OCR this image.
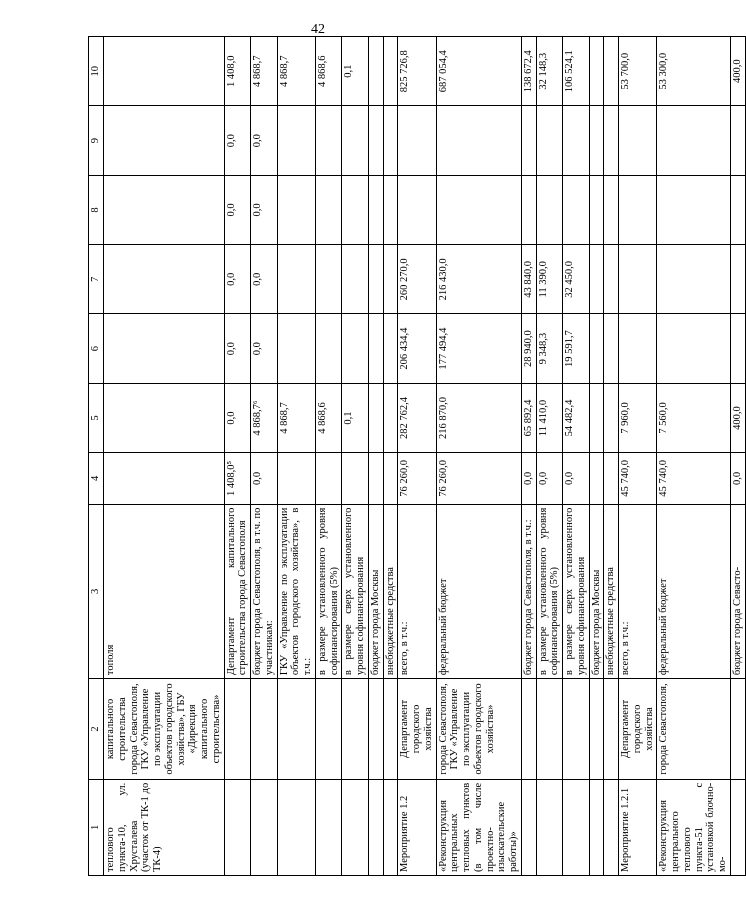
42
1	2	3	4	5	6	7	8	9	10
теплового пункта-10, ул. Хрусталева (участок от ТК-1 до ТК-4)	капитального строительства города Севастополя, ГКУ «Управление по эксплуатации объектов городского хозяйства», ГБУ «Дирекция капитального строительства»	тополя							
		Департамент капитального строительства города Севастополя	1 408,0⁵	0,0	0,0	0,0	0,0	0,0	1 408,0
		бюджет города Севастополя, в т.ч. по участникам:	0,0	4 868,7⁶	0,0	0,0	0,0	0,0	4 868,7
		ГКУ «Управление по эксплуатации объектов городского хозяйства», в т.ч.:		4 868,7					4 868,7
		в размере установленного уровня софинансирования (5%)		4 868,6					4 868,6
		в размере сверх установленного уровня софинансирования		0,1					0,1
		бюджет города Москвы							
		внебюджетные средства							
Мероприятие 1.2	Департамент городского хозяйства	всего, в т.ч.:	76 260,0	282 762,4	206 434,4	260 270,0			825 726,8
«Реконструкция центральных тепловых пунктов (в том числе проектно-изыскательские работы)»	города Севастополя, ГКУ «Управление по эксплуатации объектов городского хозяйства»	федеральный бюджет	76 260,0	216 870,0	177 494,4	216 430,0			687 054,4
		бюджет города Севастополя, в т.ч.:	0,0	65 892,4	28 940,0	43 840,0			138 672,4
		в размере установленного уровня софинансирования (5%)	0,0	11 410,0	9 348,3	11 390,0			32 148,3
		в размере сверх установленного уровня софинансирования	0,0	54 482,4	19 591,7	32 450,0			106 524,1
		бюджет города Москвы							
		внебюджетные средства							
Мероприятие 1.2.1	Департамент городского хозяйства	всего, в т.ч.:	45 740,0	7 960,0					53 700,0
«Реконструкция центрального теплового пункта-51 с установкой блочно-мо-	города Севастополя,	федеральный бюджет	45 740,0	7 560,0					53 300,0
		бюджет города Севасто-	0,0	400,0					400,0
